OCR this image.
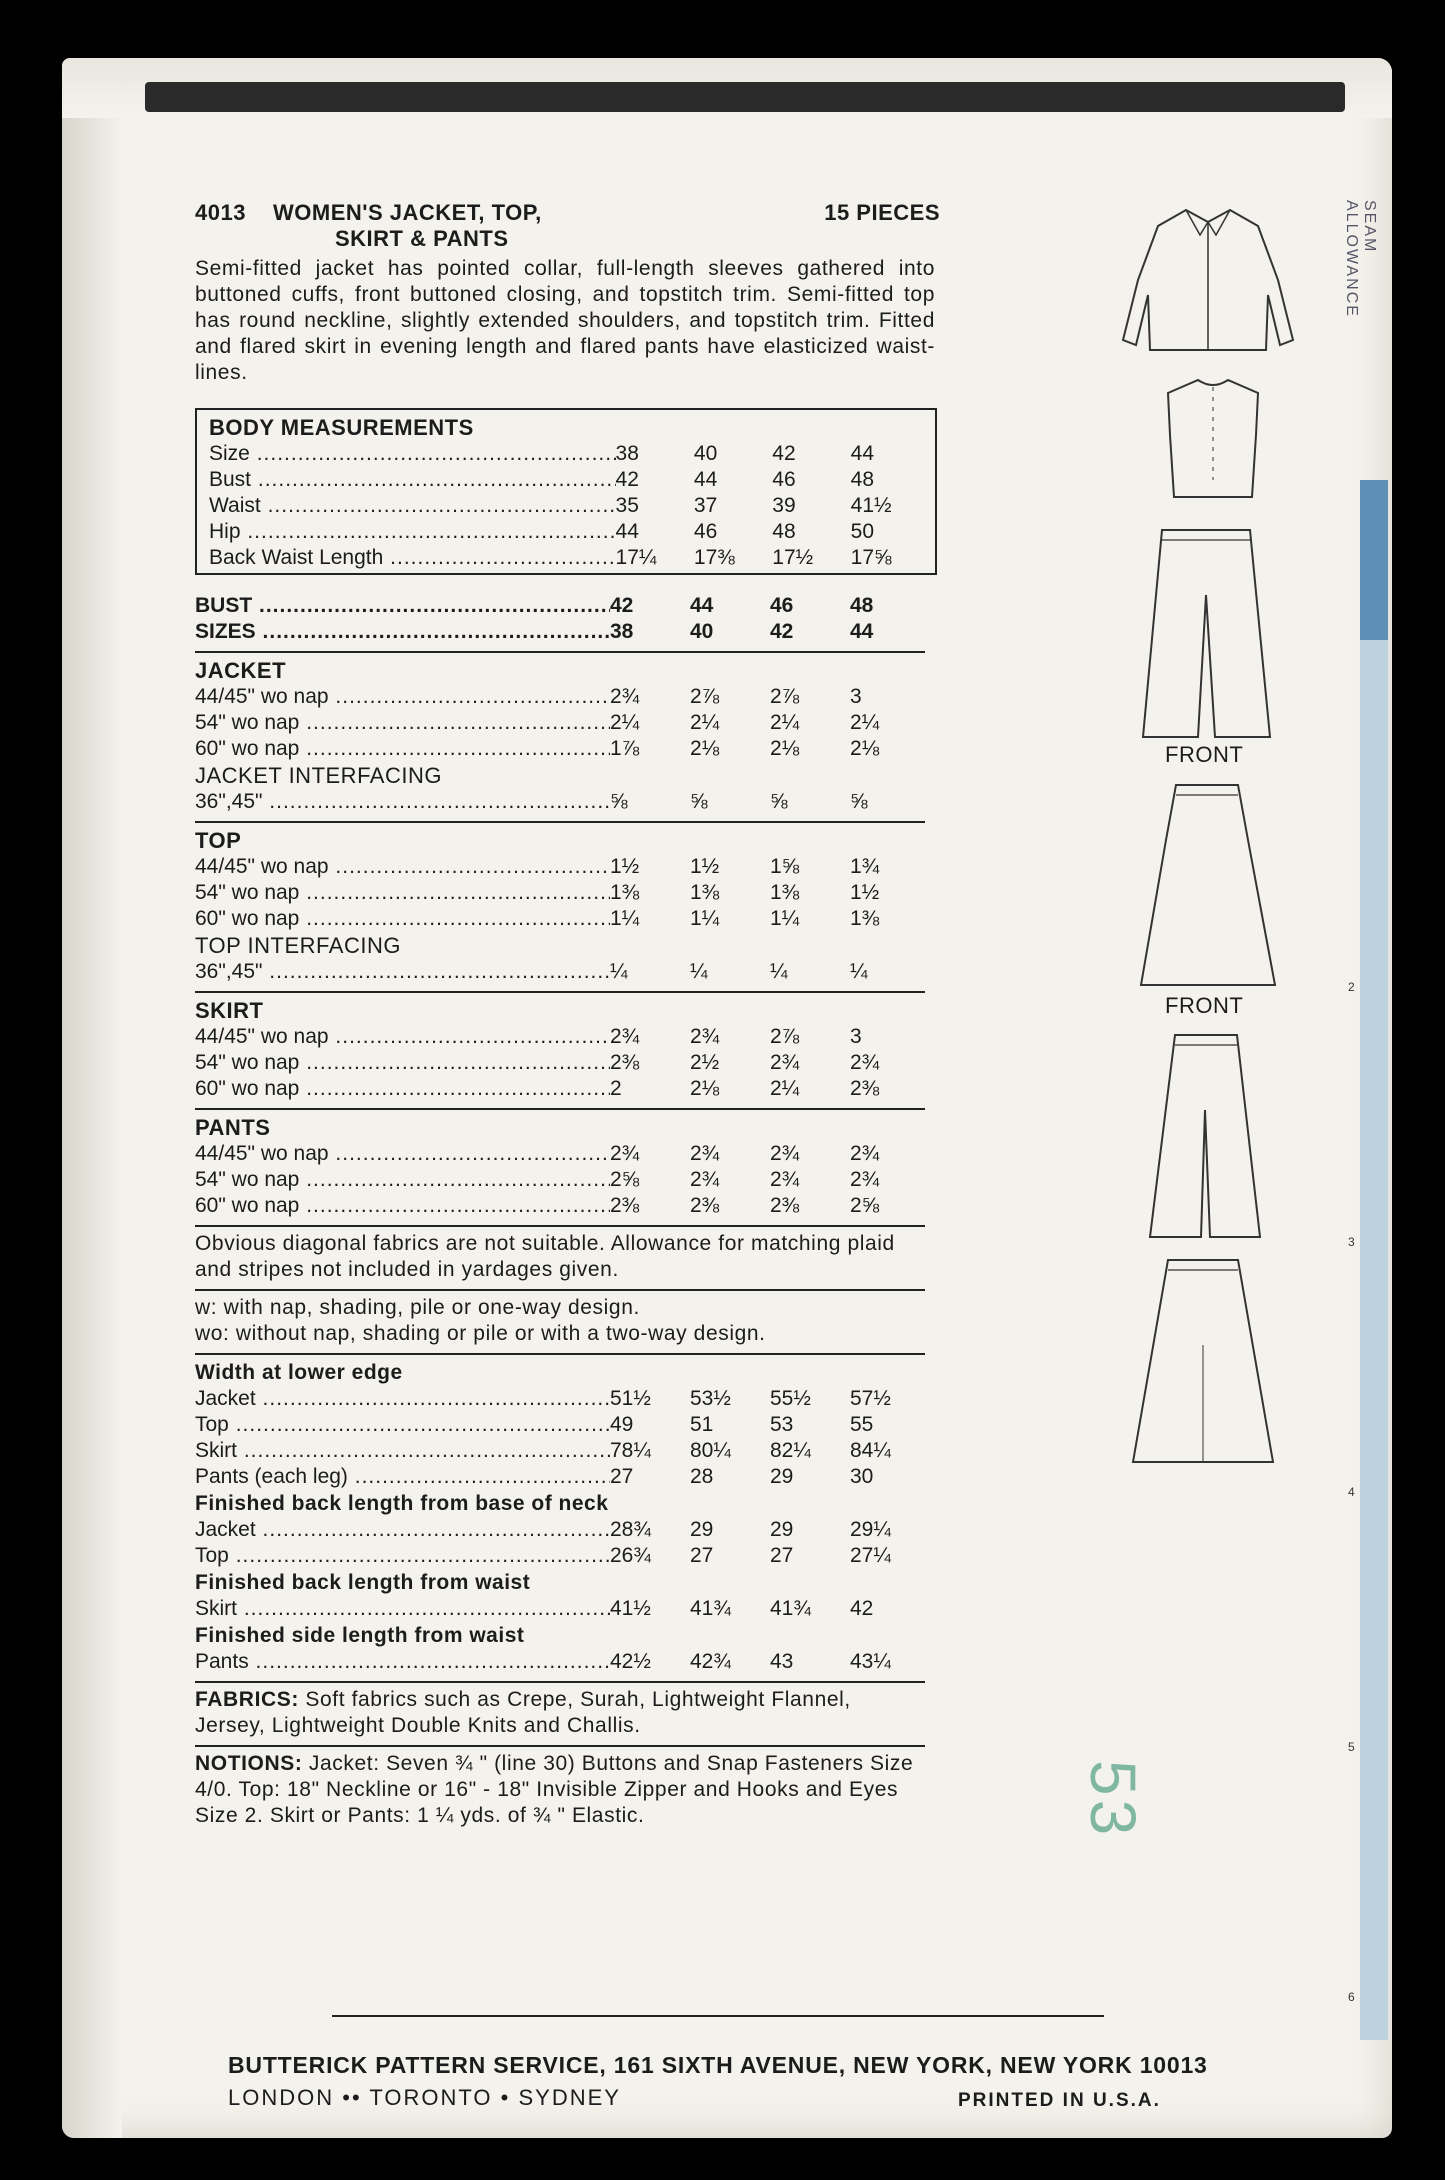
4013	WOMEN'S JACKET, TOP,
SKIRT & PANTS
15 PIECES
Semi-fitted jacket has pointed collar, full-length sleeves gathered into buttoned cuffs, front buttoned closing, and topstitch trim. Semi-fitted top has round neckline, slightly extended shoulders, and topstitch trim. Fitted and flared skirt in evening length and flared pants have elasticized waist-lines.
BODY MEASUREMENTS
Size .....	38	40	42	44
Bust .....	42	44	46	48
Waist .....	35	37	39	41½
Hip .....	44	46	48	50
Back Waist Length .....	17¼	17⅜	17½	17⅝
BUST .....	42	44	46	48
SIZES .....	38	40	42	44
JACKET
44/45" wo nap .....	2¾	2⅞	2⅞	3
54" wo nap .....	2¼	2¼	2¼	2¼
60" wo nap .....	1⅞	2⅛	2⅛	2⅛
JACKET INTERFACING
36",45" .....	⅝	⅝	⅝	⅝
TOP
44/45" wo nap .....	1½	1½	1⅝	1¾
54" wo nap .....	1⅜	1⅜	1⅜	1½
60" wo nap .....	1¼	1¼	1¼	1⅜
TOP INTERFACING
36",45" .....	¼	¼	¼	¼
SKIRT
44/45" wo nap .....	2¾	2¾	2⅞	3
54" wo nap .....	2⅜	2½	2¾	2¾
60" wo nap .....	2	2⅛	2¼	2⅜
PANTS
44/45" wo nap .....	2¾	2¾	2¾	2¾
54" wo nap .....	2⅝	2¾	2¾	2¾
60" wo nap .....	2⅜	2⅜	2⅜	2⅝
Obvious diagonal fabrics are not suitable. Allowance for matching plaid and stripes not included in yardages given.
w: with nap, shading, pile or one-way design.
wo: without nap, shading or pile or with a two-way design.
Width at lower edge
Jacket .....	51½	53½	55½	57½
Top .....	49	51	53	55
Skirt .....	78¼	80¼	82¼	84¼
Pants (each leg) .....	27	28	29	30
Finished back length from base of neck
Jacket .....	28¾	29	29	29¼
Top .....	26¾	27	27	27¼
Finished back length from waist
Skirt .....	41½	41¾	41¾	42
Finished side length from waist
Pants .....	42½	42¾	43	43¼
FABRICS: Soft fabrics such as Crepe, Surah, Lightweight Flannel, Jersey, Lightweight Double Knits and Challis.
NOTIONS: Jacket: Seven ¾ " (line 30) Buttons and Snap Fasteners Size 4/0. Top: 18" Neckline or 16" - 18" Invisible Zipper and Hooks and Eyes Size 2. Skirt or Pants: 1 ¼ yds. of ¾ " Elastic.
BUTTERICK PATTERN SERVICE, 161 SIXTH AVENUE, NEW YORK, NEW YORK 10013
LONDON •• TORONTO • SYDNEY	PRINTED IN U.S.A.
FRONT
FRONT
2
3
4
5
6
SEAM ALLOWANCE
53
